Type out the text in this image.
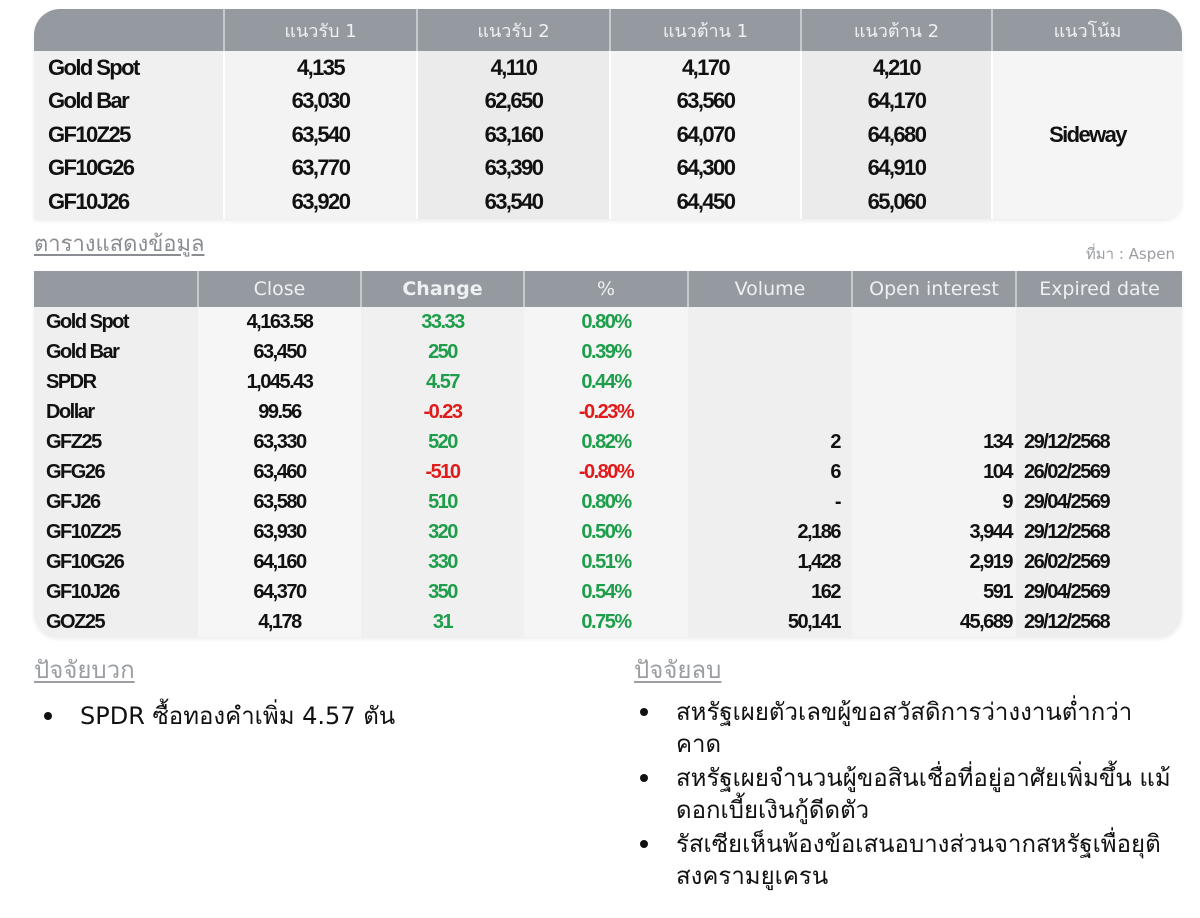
	แนวรับ 1	แนวรับ 2	แนวต้าน 1	แนวต้าน 2	แนวโน้ม
Gold Spot	4,135	4,110	4,170	4,210	Sideway
Gold Bar	63,030	62,650	63,560	64,170	
GF10Z25	63,540	63,160	64,070	64,680	
GF10G26	63,770	63,390	64,300	64,910	
GF10J26	63,920	63,540	64,450	65,060	
ตารางแสดงข้อมูล	ที่มา : Aspen
	Close	Change	%	Volume	Open interest	Expired date
Gold Spot	4,163.58	33.33	0.80%			
Gold Bar	63,450	250	0.39%			
SPDR	1,045.43	4.57	0.44%			
Dollar	99.56	-0.23	-0.23%			
GFZ25	63,330	520	0.82%	2	134	29/12/2568
GFG26	63,460	-510	-0.80%	6	104	26/02/2569
GFJ26	63,580	510	0.80%	-	9	29/04/2569
GF10Z25	63,930	320	0.50%	2,186	3,944	29/12/2568
GF10G26	64,160	330	0.51%	1,428	2,919	26/02/2569
GF10J26	64,370	350	0.54%	162	591	29/04/2569
GOZ25	4,178	31	0.75%	50,141	45,689	29/12/2568
ปัจจัยบวก
SPDR ซื้อทองคำเพิ่ม 4.57 ตัน
ปัจจัยลบ
สหรัฐเผยตัวเลขผู้ขอสวัสดิการว่างงานต่ำกว่าคาด
สหรัฐเผยจำนวนผู้ขอสินเชื่อที่อยู่อาศัยเพิ่มขึ้น แม้ดอกเบี้ยเงินกู้ดีดตัว
รัสเซียเห็นพ้องข้อเสนอบางส่วนจากสหรัฐเพื่อยุติสงครามยูเครน
